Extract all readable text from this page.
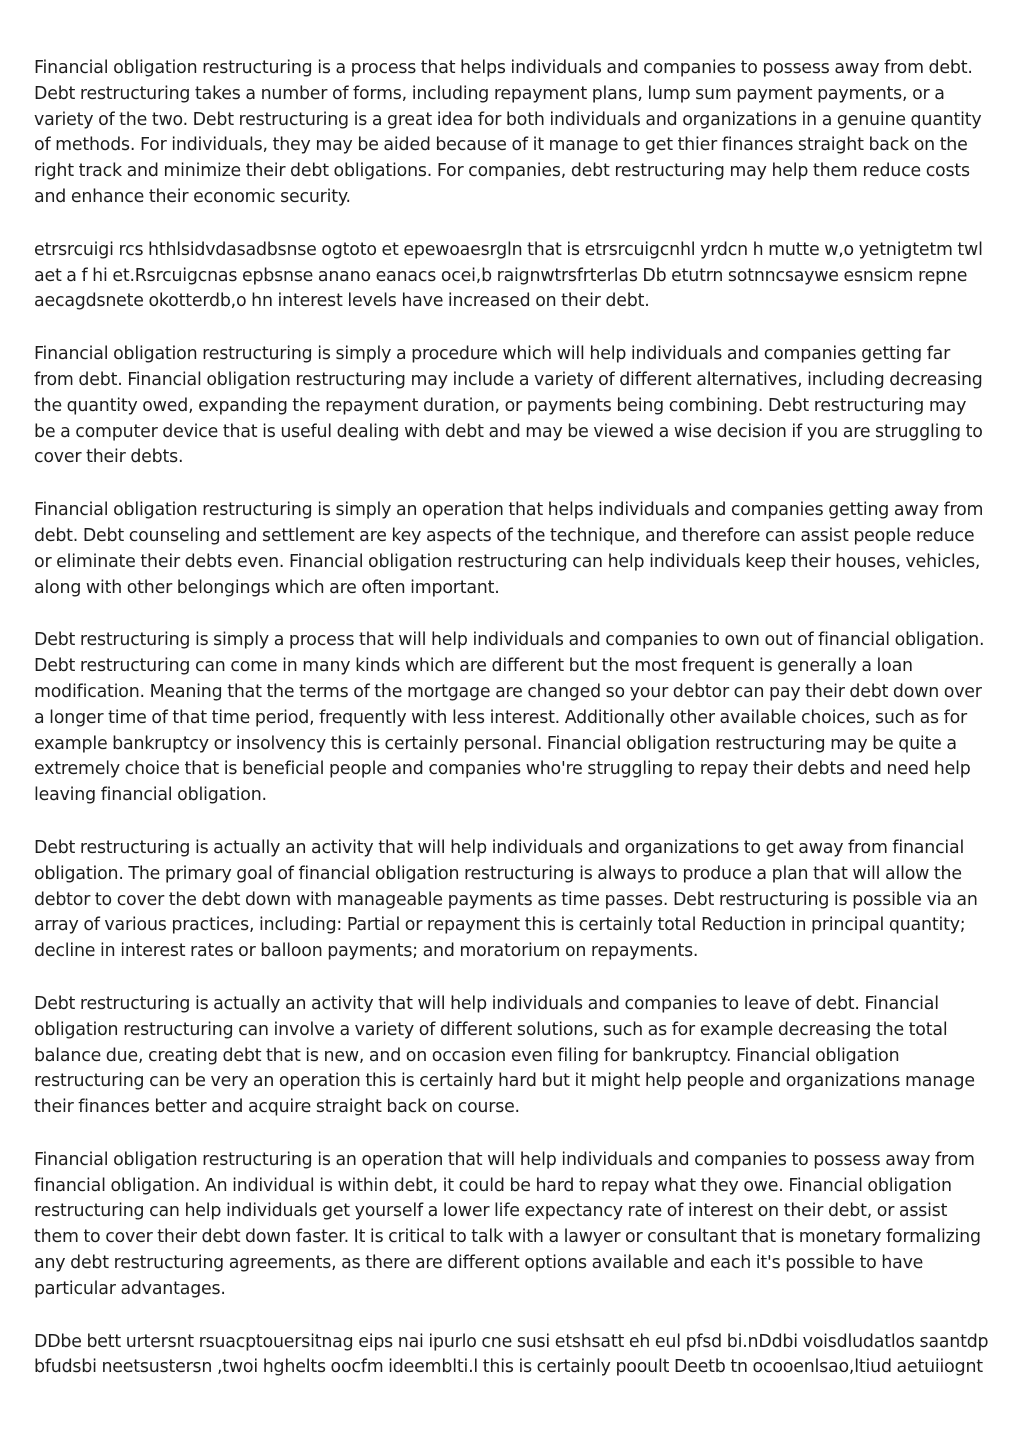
Financial obligation restructuring is a process that helps individuals and companies to possess away from debt. Debt restructuring takes a number of forms, including repayment plans, lump sum payment payments, or a variety of the two. Debt restructuring is a great idea for both individuals and organizations in a genuine quantity of methods. For individuals, they may be aided because of it manage to get thier finances straight back on the right track and minimize their debt obligations. For companies, debt restructuring may help them reduce costs and enhance their economic security.

etrsrcuigi rcs hthlsidvdasadbsnse ogtoto et epewoaesrgln that is etrsrcuigcnhl yrdcn h mutte w,o yetnigtetm twl aet a f hi et.Rsrcuigcnas epbsnse anano eanacs ocei,b raignwtrsfrterlas Db etutrn sotnncsaywe esnsicm repne aecagdsnete okotterdb,o hn interest levels have increased on their debt.

Financial obligation restructuring is simply a procedure which will help individuals and companies getting far from debt. Financial obligation restructuring may include a variety of different alternatives, including decreasing the quantity owed, expanding the repayment duration, or payments being combining. Debt restructuring may be a computer device that is useful dealing with debt and may be viewed a wise decision if you are struggling to cover their debts.

Financial obligation restructuring is simply an operation that helps individuals and companies getting away from debt. Debt counseling and settlement are key aspects of the technique, and therefore can assist people reduce or eliminate their debts even. Financial obligation restructuring can help individuals keep their houses, vehicles, along with other belongings which are often important.

Debt restructuring is simply a process that will help individuals and companies to own out of financial obligation. Debt restructuring can come in many kinds which are different but the most frequent is generally a loan modification. Meaning that the terms of the mortgage are changed so your debtor can pay their debt down over a longer time of that time period, frequently with less interest. Additionally other available choices, such as for example bankruptcy or insolvency this is certainly personal. Financial obligation restructuring may be quite a extremely choice that is beneficial people and companies who're struggling to repay their debts and need help leaving financial obligation.

Debt restructuring is actually an activity that will help individuals and organizations to get away from financial obligation. The primary goal of financial obligation restructuring is always to produce a plan that will allow the debtor to cover the debt down with manageable payments as time passes. Debt restructuring is possible via an array of various practices, including: Partial or repayment this is certainly total Reduction in principal quantity; decline in interest rates or balloon payments; and moratorium on repayments.

Debt restructuring is actually an activity that will help individuals and companies to leave of debt. Financial obligation restructuring can involve a variety of different solutions, such as for example decreasing the total balance due, creating debt that is new, and on occasion even filing for bankruptcy. Financial obligation restructuring can be very an operation this is certainly hard but it might help people and organizations manage their finances better and acquire straight back on course.

Financial obligation restructuring is an operation that will help individuals and companies to possess away from financial obligation. An individual is within debt, it could be hard to repay what they owe. Financial obligation restructuring can help individuals get yourself a lower life expectancy rate of interest on their debt, or assist them to cover their debt down faster. It is critical to talk with a lawyer or consultant that is monetary formalizing any debt restructuring agreements, as there are different options available and each it's possible to have particular advantages.

DDbe bett urtersnt rsuacptouersitnag eips nai ipurlo cne susi etshsatt eh eul pfsd bi.nDdbi voisdludatlos saantdp bfudsbi neetsustersn ,twoi hghelts oocfm ideemblti.l this is certainly pooult Deetb tn ocooenlsao,ltiud aetuiiognt
